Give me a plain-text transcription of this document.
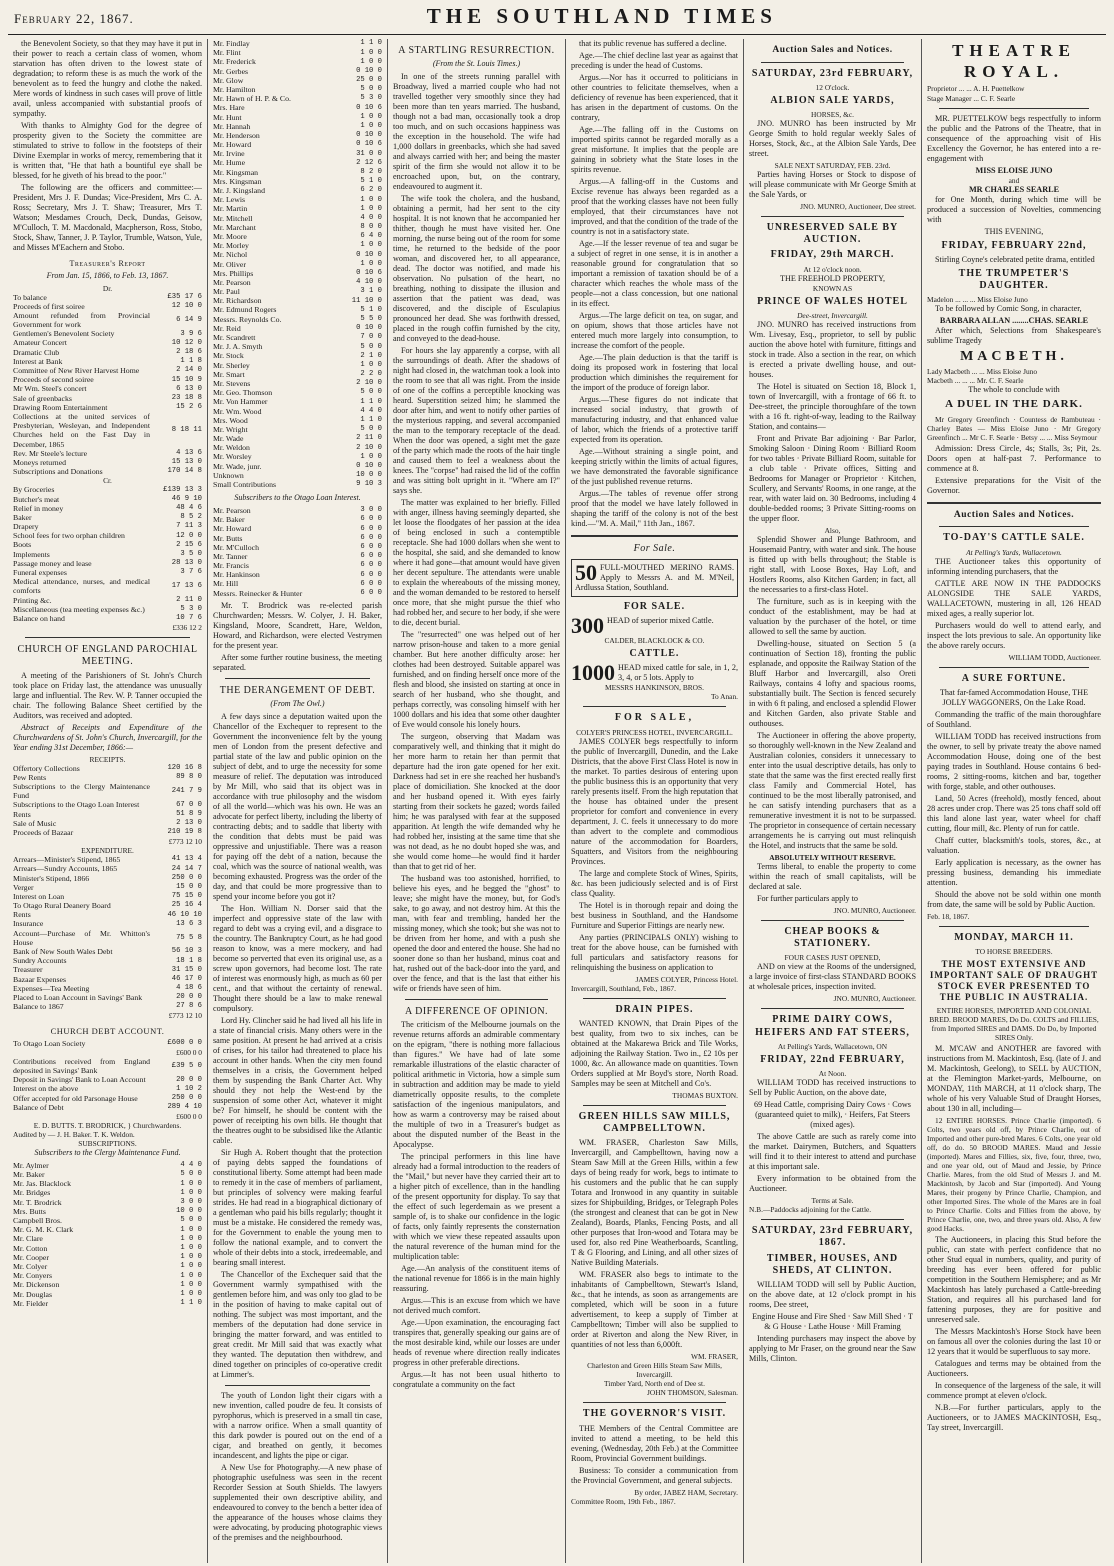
February 22, 1867.	THE SOUTHLAND TIMES

the Benevolent Society, so that they may have it put in their power to reach a certain class of women, whom starvation has often driven to the lowest state of degradation; to reform these is as much the work of the benevolent as to feed the hungry and clothe the naked. Mere words of kindness in such cases will prove of little avail, unless accompanied with substantial proofs of sympathy.

With thanks to Almighty God for the degree of prosperity given to the Society the committee are stimulated to strive to follow in the footsteps of their Divine Exemplar in works of mercy, remembering that it is written that, "He that hath a bountiful eye shall be blessed, for he giveth of his bread to the poor."

The following are the officers and committee:— President, Mrs J. F. Dundas; Vice-President, Mrs C. A. Ross; Secretary, Mrs J. T. Shaw; Treasurer, Mrs T. Watson; Mesdames Crouch, Deck, Dundas, Geisow, M'Culloch, T. M. Macdonald, Macpherson, Ross, Stobo, Stock, Shaw, Tanner, J. P. Taylor, Trumble, Watson, Yule, and Misses M'Eachern and Stobo.

Treasurer's Report
From Jan. 15, 1866, to Feb. 13, 1867.
Dr.
To balance	£35 17 6
Proceeds of first soiree	12 10 0
Amount refunded from Provincial Government for work	6 14 9
Gentlemen's Benevolent Society	3 9 6
Amateur Concert	10 12 0
Dramatic Club	2 18 6
Interest at Bank	1 1 8
Committee of New River Harvest Home	2 14 0
Proceeds of second soiree	15 10 9
Mr Wm. Steel's concert	6 13 0
Sale of greenbacks	23 18 8
Drawing Room Entertainment	15 2 6
Collections at the united services of Presbyterian, Wesleyan, and Independent Churches held on the Fast Day in December, 1865	8 18 11
Rev. Mr Steele's lecture	4 13 6
Moneys returned	15 13 0
Subscriptions and Donations	170 14 8
Cr.
By Groceries	£139 13 3
Butcher's meat	46 9 10
Relief in money	48 4 6
Baker	8 5 2
Drapery	7 11 3
School fees for two orphan children	12 0 0
Boots	2 15 6
Implements	3 5 0
Passage money and lease	28 13 0
Funeral expenses	3 7 6
Medical attendance, nurses, and medical comforts	17 13 6
Printing &c.	2 11 0
Miscellaneous (tea meeting expenses &c.)	5 3 0
Balance on hand	10 7 6
£336 12 2
CHURCH OF ENGLAND PAROCHIAL MEETING.

A meeting of the Parishioners of St. John's Church took place on Friday last, the attendance was unusually large and influential. The Rev. W. P. Tanner occupied the chair. The following Balance Sheet certified by the Auditors, was received and adopted.

Abstract of Receipts and Expenditure of the Churchwardens of St. John's Church, Invercargill, for the Year ending 31st December, 1866:—

RECEIPTS.
Offertory Collections	120 16 8
Pew Rents	89 8 0
Subscriptions to the Clergy Maintenance Fund	241 7 9
Subscriptions to the Otago Loan Interest	67 0 0
Rents	51 8 9
Sale of Music	2 13 0
Proceeds of Bazaar	210 19 8
£773 12 10
EXPENDITURE.
Arrears—Minister's Stipend, 1865	41 13 4
Arrears—Sundry Accounts, 1865	24 14 7
Minister's Stipend, 1866	250 0 0
Verger	15 0 0
Interest on Loan	75 15 0
To Otago Rural Deanery Board	25 16 4
Rents	46 10 10
Insurance	13 6 3
Account—Purchase of Mr. Whitton's House	75 5 8
Bank of New South Wales Debt	56 10 3
Sundry Accounts	18 1 8
Treasurer	31 15 0
Bazaar Expenses	46 17 0
Expenses—Tea Meeting	4 18 6
Placed to Loan Account in Savings' Bank	20 0 0
Balance to 1867	27 8 6
£773 12 10
CHURCH DEBT ACCOUNT.
To Otago Loan Society	£600 0 0
£600 0 0
Contributions received from England deposited in Savings' Bank	£39 5 0
Deposit in Savings' Bank to Loan Account	20 0 0
Interest on the above	1 10 2
Offer accepted for old Parsonage House	250 0 0
Balance of Debt	289 4 10
£600 0 0
E. D. BUTTS. T. BRODRICK, } Churchwardens.
Audited by — J. H. Baker. T. K. Weldon.
SUBSCRIPTIONS.
Subscribers to the Clergy Maintenance Fund.
Mr. Aylmer	4 4 0
Mr. Baker	5 0 0
Mr. Jas. Blacklock	1 0 0
Mr. Bridges	1 0 0
Mr. T. Brodrick	3 0 0
Mrs. Butts	10 0 0
Campbell Bros.	5 0 0
Mr. G. M. K. Clark	1 0 0
Mr. Clare	1 0 0
Mr. Cotton	1 0 0
Mr. Cooper	1 0 0
Mr. Colyer	1 0 0
Mr. Conyers	1 0 0
Mr. Dickenson	1 0 0
Mr. Douglas	1 0 0
Mr. Fielder	1 1 0
Mr. Findlay	1 1 0
Mr. Flint	1 0 0
Mr. Frederick	1 0 0
Mr. Gerbes	0 10 0
Mr. Glow	25 0 0
Mr. Hamilton	5 0 0
Mr. Hawn of H. P. & Co.	5 3 0
Mrs. Hare	0 10 6
Mr. Hunt	1 0 0
Mr. Hannah	1 0 0
Mr. Henderson	0 10 0
Mr. Howard	0 10 6
Mr. Irvine	31 0 0
Mr. Hume	2 12 6
Mr. Kingsman	8 2 0
Mrs. Kingsman	5 1 0
Mr. J. Kingsland	6 2 0
Mr. Lewis	1 0 0
Mr. Martin	1 0 0
Mr. Mitchell	4 0 0
Mr. Marchant	8 0 0
Mr. Moore	6 4 0
Mr. Morley	1 0 0
Mr. Nichol	0 10 0
Mr. Oliver	1 0 0
Mrs. Phillips	0 10 6
Mr. Pearson	4 10 0
Mr. Paul	3 1 0
Mr. Richardson	11 10 0
Mr. Edmund Rogers	5 1 0
Messrs. Reynolds Co.	5 5 0
Mr. Reid	0 10 0
Mr. Scandrett	7 0 0
Mr. J. A. Smyth	5 0 0
Mr. Stock	2 1 0
Mr. Sherley	1 0 0
Mr. Smart	2 2 0
Mr. Stevens	2 10 0
Mr. Geo. Thomson	5 0 0
Mr. Von Hammer	1 1 0
Mr. Wm. Wood	4 4 0
Mrs. Wood	1 1 0
Mr. Wright	5 0 0
Mr. Wade	2 11 0
Mr. Weldon	2 10 0
Mr. Worsley	1 0 0
Mr. Wade, junr.	0 10 0
Unknown	10 0 0
Small Contributions	9 10 3
Subscribers to the Otago Loan Interest.
Mr. Pearson	3 0 0
Mr. Baker	6 0 0
Mr. Howard	6 0 0
Mr. Butts	6 0 0
Mr. M'Culloch	6 0 0
Mr. Tanner	6 0 0
Mr. Francis	6 0 0
Mr. Hankinson	6 0 0
Mr. Hill	6 0 0
Messrs. Reinecker & Hunter	6 0 0

Mr. T. Brodrick was re-elected parish Churchwarden; Messrs. W. Colyer, J. H. Baker, Kingsland, Moore, Scandrett, Hare, Weldon, Howard, and Richardson, were elected Vestrymen for the present year.

After some further routine business, the meeting separated.

THE DERANGEMENT OF DEBT.
(From The Owl.)

A few days since a deputation waited upon the Chancellor of the Exchequer to represent to the Government the inconvenience felt by the young men of London from the present defective and partial state of the law and public opinion on the subject of debt, and to urge the necessity for some measure of relief. The deputation was introduced by Mr Mill, who said that its object was in accordance with true philosophy and the wisdom of all the world—which was his own. He was an advocate for perfect liberty, including the liberty of contracting debts; and to saddle that liberty with the condition that debts must be paid was oppressive and unjustifiable. There was a reason for paying off the debt of a nation, because the coal, which was the source of national wealth, was becoming exhausted. Progress was the order of the day, and that could be more progressive than to spend your income before you got it?

The Hon. William N. Dorser said that the imperfect and oppressive state of the law with regard to debt was a crying evil, and a disgrace to the country. The Bankruptcy Court, as he had good reason to know, was a mere mockery, and had become so perverted that even its original use, as a screw upon governors, had become lost. The rate of interest was enormously high, as much as 60 per cent., and that without the certainty of renewal. Thought there should be a law to make renewal compulsory.

Lord Hy. Clincher said he had lived all his life in a state of financial crisis. Many others were in the same position. At present he had arrived at a crisis of crises, for his tailor had threatened to place his account in other hands. When the city men found themselves in a crisis, the Government helped them by suspending the Bank Charter Act. Why should they not help the West-end by the suspension of some other Act, whatever it might be? For himself, he should be content with the power of receipting his own bills. He thought that the theatres ought to be subsidised like the Atlantic cable.

Sir Hugh A. Robert thought that the protection of paying debts sapped the foundations of constitutional liberty. Some attempt had been made to remedy it in the case of members of parliament, but principles of solvency were making fearful strides. He had read in a biographical dictionary of a gentleman who paid his bills regularly; thought it must be a mistake. He considered the remedy was, for the Government to enable the young men to follow the national example, and to convert the whole of their debts into a stock, irredeemable, and bearing small interest.

The Chancellor of the Exchequer said that the Government warmly sympathised with the gentlemen before him, and was only too glad to be in the position of having to make capital out of nothing. The subject was most important, and the members of the deputation had done service in bringing the matter forward, and was entitled to great credit. Mr Mill said that was exactly what they wanted. The deputation then withdrew, and dined together on principles of co-operative credit at Limmer's.

The youth of London light their cigars with a new invention, called poudre de feu. It consists of pyrophorus, which is preserved in a small tin case, with a narrow orifice. When a small quantity of this dark powder is poured out on the end of a cigar, and breathed on gently, it becomes incandescent, and lights the pipe or cigar.

A New Use for Photography.—A new phase of photographic usefulness was seen in the recent Recorder Session at South Shields. The lawyers supplemented their own descriptive ability, and endeavoured to convey to the bench a better idea of the appearance of the houses whose claims they were advocating, by producing photographic views of the premises and the neighbourhood.

A STARTLING RESURRECTION.
(From the St. Louis Times.)

In one of the streets running parallel with Broadway, lived a married couple who had not travelled together very smoothly since they had been more than ten years married. The husband, though not a bad man, occasionally took a drop too much, and on such occasions happiness was the exception in the household. The wife had 1,000 dollars in greenbacks, which she had saved and always carried with her; and being the master spirit of the firm she would not allow it to be encroached upon, but, on the contrary, endeavoured to augment it.

The wife took the cholera, and the husband, obtaining a permit, had her sent to the city hospital. It is not known that he accompanied her thither, though he must have visited her. One morning, the nurse being out of the room for some time, he returned to the bedside of the poor woman, and discovered her, to all appearance, dead. The doctor was notified, and made his observation. No pulsation of the heart, no breathing, nothing to dissipate the illusion and assertion that the patient was dead, was discovered, and the disciple of Esculapius pronounced her dead. She was forthwith dressed, placed in the rough coffin furnished by the city, and conveyed to the dead-house.

For hours she lay apparently a corpse, with all the surroundings of death. After the shadows of night had closed in, the watchman took a look into the room to see that all was right. From the inside of one of the coffins a perceptible knocking was heard. Superstition seized him; he slammed the door after him, and went to notify other parties of the mysterious rapping, and several accompanied the man to the temporary receptacle of the dead. When the door was opened, a sight met the gaze of the party which made the roots of the hair tingle and caused them to feel a weakness about the knees. The "corpse" had raised the lid of the coffin and was sitting bolt upright in it. "Where am I?" says she.

The matter was explained to her briefly. Filled with anger, illness having seemingly departed, she let loose the floodgates of her passion at the idea of being enclosed in such a contemptible receptacle. She had 1000 dollars when she went to the hospital, she said, and she demanded to know where it had gone—that amount would have given her decent sepulture. The attendants were unable to explain the whereabouts of the missing money, and the woman demanded to be restored to herself once more, that she might pursue the thief who had robbed her, and secure to her body, if she were to die, decent burial.

The "resurrected" one was helped out of her narrow prison-house and taken to a more genial chamber. But here another difficulty arose: her clothes had been destroyed. Suitable apparel was furnished, and on finding herself once more of the flesh and blood, she insisted on starting at once in search of her husband, who she thought, and perhaps correctly, was consoling himself with her 1000 dollars and his idea that some other daughter of Eve would console his lonely hours.

The surgeon, observing that Madam was comparatively well, and thinking that it might do her more harm to retain her than permit that departure had the iron gate opened for her exit. Darkness had set in ere she reached her husband's place of domiciliation. She knocked at the door and her husband opened it. With eyes fairly starting from their sockets he gazed; words failed him; he was paralysed with fear at the supposed apparition. At length the wife demanded why he had robbed her, insisting at the same time that she was not dead, as he no doubt hoped she was, and she would come home—he would find it harder than that to get rid of her.

The husband was too astonished, horrified, to believe his eyes, and he begged the "ghost" to leave; she might have the money, but, for God's sake, to go away, and not destroy him. At this the man, with fear and trembling, handed her the missing money, which she took; but she was not to be driven from her home, and with a push she opened the door and entered the house. She had no sooner done so than her husband, minus coat and hat, rushed out of the back-door into the yard, and over the fence, and that is the last that either his wife or friends have seen of him.

A DIFFERENCE OF OPINION.

The criticism of the Melbourne journals on the revenue returns affords an admirable commentary on the epigram, "there is nothing more fallacious than figures." We have had of late some remarkable illustrations of the elastic character of political arithmetic in Victoria, how a simple sum in subtraction and addition may be made to yield diametrically opposite results, to the complete satisfaction of the ingenious manipulators, and how as warm a controversy may be raised about the multiple of two in a Treasurer's budget as about the disputed number of the Beast in the Apocalypse.

The principal performers in this line have already had a formal introduction to the readers of the "Mail," but never have they carried their art to a higher pitch of excellence, than in the handling of the present opportunity for display. To say that the effect of such legerdemain as we present a sample of, is to shake our confidence in the logic of facts, only faintly represents the consternation with which we view these repeated assaults upon the natural reverence of the human mind for the multiplication table:

Age.—An analysis of the constituent items of the national revenue for 1866 is in the main highly reassuring.

Argus.—This is an excuse from which we have not derived much comfort.

Age.—Upon examination, the encouraging fact transpires that, generally speaking our gains are of the most desirable kind, while our losses are under heads of revenue where direction really indicates progress in other preferable directions.

Argus.—It has not been usual hitherto to congratulate a community on the fact

that its public revenue has suffered a decline.

Age.—The chief decline last year as against that preceding is under the head of Customs.

Argus.—Nor has it occurred to politicians in other countries to felicitate themselves, when a deficiency of revenue has been experienced, that it has arisen in the department of customs. On the contrary,

Age.—The falling off in the Customs on imported spirits cannot be regarded morally as a great misfortune. It implies that the people are gaining in sobriety what the State loses in the spirits revenue.

Argus.—A falling-off in the Customs and Excise revenue has always been regarded as a proof that the working classes have not been fully employed, that their circumstances have not improved, and that the condition of the trade of the country is not in a satisfactory state.

Age.—If the lesser revenue of tea and sugar be a subject of regret in one sense, it is in another a reasonable ground for congratulation that so important a remission of taxation should be of a character which reaches the whole mass of the people—not a class concession, but one national in its effect.

Argus.—The large deficit on tea, on sugar, and on opium, shows that those articles have not entered much more largely into consumption, to increase the comfort of the people.

Age.—The plain deduction is that the tariff is doing its proposed work in fostering that local production which diminishes the requirement for the import of the produce of foreign labor.

Argus.—These figures do not indicate that increased social industry, that growth of manufacturing industry, and that enhanced value of labor, which the friends of a protective tariff expected from its operation.

Age.—Without straining a single point, and keeping strictly within the limits of actual figures, we have demonstrated the favorable significance of the just published revenue returns.

Argus.—The tables of revenue offer strong proof that the model we have lately followed in shaping the tariff of the colony is not of the best kind.—"M. A. Mail," 11th Jan., 1867.

For Sale.
50 FULL-MOUTHED MERINO RAMS. Apply to Messrs A. and M. M'Neil, Ardlussa Station, Southland.
FOR SALE.
300 HEAD of superior mixed Cattle.
CALDER, BLACKLOCK & CO.
CATTLE.
1000 HEAD mixed cattle for sale, in 1, 2, 3, 4, or 5 lots. Apply to
MESSRS HANKINSON, BROS.
To Anan.
FOR SALE,
COLYER'S PRINCESS HOTEL, INVERCARGILL.

JAMES COLYER begs respectfully to inform the public of Invercargill, Dunedin, and the Lake Districts, that the above First Class Hotel is now in the market. To parties desirous of entering upon the public business this is an opportunity that very rarely presents itself. From the high reputation that the house has obtained under the present proprietor for comfort and convenience in every department, J. C. feels it unnecessary to do more than advert to the complete and commodious nature of the accommodation for Boarders, Squatters, and Visitors from the neighbouring Provinces.

The large and complete Stock of Wines, Spirits, &c. has been judiciously selected and is of First class Quality.

The Hotel is in thorough repair and doing the best business in Southland, and the Handsome Furniture and Superior Fittings are nearly new.

Any parties (PRINCIPALS ONLY) wishing to treat for the above house, can be furnished with full particulars and satisfactory reasons for relinquishing the business on application to

JAMES COLYER, Princess Hotel.
Invercargill, Southland, Feb., 1867.
DRAIN PIPES.

WANTED KNOWN, that Drain Pipes of the best quality, from two to six inches, can be obtained at the Makarewa Brick and Tile Works, adjoining the Railway Station. Two in., £2 10s per 1000, &c. An allowance made on quantities. Town Orders supplied at Mr Boyd's store, North Road. Samples may be seen at Mitchell and Co's.

THOMAS BUXTON.
GREEN HILLS SAW MILLS, CAMPBELLTOWN.

WM. FRASER, Charleston Saw Mills, Invercargill, and Campbelltown, having now a Steam Saw Mill at the Green Hills, within a few days of being ready for work, begs to intimate to his customers and the public that he can supply Totara and Ironwood in any quantity in suitable sizes for Shipbuilding, Bridges, or Telegraph Poles (the strongest and cleanest that can be got in New Zealand), Boards, Planks, Fencing Posts, and all other purposes that Iron-wood and Totara may be used for, also red Pine Weatherboards, Scantling, T & G Flooring, and Lining, and all other sizes of Native Building Materials.

WM. FRASER also begs to intimate to the inhabitants of Campbelltown, Stewart's Island, &c., that he intends, as soon as arrangements are completed, which will be soon in a future advertisement, to keep a supply of Timber at Campbelltown; Timber will also be supplied to order at Riverton and along the New River, in quantities of not less than 6,000ft.

WM. FRASER,
Charleston and Green Hills Steam Saw Mills, Invercargill.
Timber Yard, North end of Dee st.
JOHN THOMSON, Salesman.
THE GOVERNOR'S VISIT.

THE Members of the Central Committee are invited to attend a meeting, to be held this evening, (Wednesday, 20th Feb.) at the Committee Room, Provincial Government buildings.

Business: To consider a communication from the Provincial Government, and general subjects.

By order, JABEZ HAM, Secretary.
Committee Room, 19th Feb., 1867.
Auction Sales and Notices.
SATURDAY, 23rd FEBRUARY,
12 O'clock.
ALBION SALE YARDS,
HORSES, &c.

JNO. MUNRO has been instructed by Mr George Smith to hold regular weekly Sales of Horses, Stock, &c., at the Albion Sale Yards, Dee street.

SALE NEXT SATURDAY, FEB. 23rd.

Parties having Horses or Stock to dispose of will please communicate with Mr George Smith at the Sale Yards, or

JNO. MUNRO, Auctioneer, Dee street.
UNRESERVED SALE BY AUCTION.
FRIDAY, 29th MARCH.
At 12 o'clock noon.
THE FREEHOLD PROPERTY,
KNOWN AS
PRINCE OF WALES HOTEL
Dee-street, Invercargill.

JNO. MUNRO has received instructions from Wm. Livesay, Esq., proprietor, to sell by public auction the above hotel with furniture, fittings and stock in trade. Also a section in the rear, on which is erected a private dwelling house, and out-houses.

The Hotel is situated on Section 18, Block 1, town of Invercargill, with a frontage of 66 ft. to Dee-street, the principle thoroughfare of the town with a 16 ft. right-of-way, leading to the Railway Station, and contains—

Front and Private Bar adjoining · Bar Parlor, Smoking Saloon · Dining Room · Billiard Room for two tables · Private Billiard Room, suitable for a club table · Private offices, Sitting and Bedrooms for Manager or Proprietor · Kitchen, Scullery, and Servants' Rooms, in one range, at the rear, with water laid on. 30 Bedrooms, including 4 double-bedded rooms; 3 Private Sitting-rooms on the upper floor.

Also,

Splendid Shower and Plunge Bathroom, and Housemaid Pantry, with water and sink. The house is fitted up with bells throughout; the Stable is right stall, with Loose Boxes, Hay Loft, and Hostlers Rooms, also Kitchen Garden; in fact, all the necessaries to a first-class Hotel.

The furniture, such as is in keeping with the conduct of the establishment, may be had at valuation by the purchaser of the hotel, or time allowed to sell the same by auction.

Dwelling-house, situated on Section 5 (a continuation of Section 18), fronting the public esplanade, and opposite the Railway Station of the Bluff Harbor and Invercargill, also Oreti Railways, contains 4 lofty and spacious rooms, substantially built. The Section is fenced securely in with 6 ft paling, and enclosed a splendid Flower and Kitchen Garden, also private Stable and outhouses.

The Auctioneer in offering the above property, so thoroughly well-known in the New Zealand and Australian colonies, considers it unnecessary to enter into the usual descriptive details, has only to state that the same was the first erected really first class Family and Commercial Hotel, has continued to be the most liberally patronised, and he can satisfy intending purchasers that as a remunerative investment it is not to be surpassed. The proprietor in consequence of certain necessary arrangements he is carrying out must relinquish the Hotel, and instructs that the same be sold.

ABSOLUTELY WITHOUT RESERVE.

Terms liberal, to enable the property to come within the reach of small capitalists, will be declared at sale.

For further particulars apply to

JNO. MUNRO, Auctioneer.
CHEAP BOOKS & STATIONERY.
FOUR CASES JUST OPENED,

AND on view at the Rooms of the undersigned, a large invoice of first-class STANDARD BOOKS at wholesale prices, inspection invited.

JNO. MUNRO, Auctioneer.
PRIME DAIRY COWS, HEIFERS AND FAT STEERS,
At Pelling's Yards, Wallacetown, ON
FRIDAY, 22nd FEBRUARY,
At Noon.

WILLIAM TODD has received instructions to Sell by Public Auction, on the above date,

69 Head Cattle, comprising Dairy Cows · Cows (guaranteed quiet to milk), · Heifers, Fat Steers (mixed ages).

The above Cattle are such as rarely come into the market. Dairymen, Butchers, and Squatters will find it to their interest to attend and purchase at this important sale.

Every information to be obtained from the Auctioneer.

Terms at Sale.
N.B.—Paddocks adjoining for the Cattle.
SATURDAY, 23rd FEBRUARY, 1867.
TIMBER, HOUSES, AND SHEDS, AT CLINTON.

WILLIAM TODD will sell by Public Auction, on the above date, at 12 o'clock prompt in his rooms, Dee street,

Engine House and Fire Shed · Saw Mill Shed · T & G House · Lathe House · Mill Framing

Intending purchasers may inspect the above by applying to Mr Fraser, on the ground near the Saw Mills, Clinton.

THEATRE ROYAL.
Proprietor ... ... A. H. Puettelkow
Stage Manager ... C. F. Searle

MR. PUETTELKOW begs respectfully to inform the public and the Patrons of the Theatre, that in consequence of the approaching visit of His Excellency the Governor, he has entered into a re-engagement with

MISS ELOISE JUNO
and
MR CHARLES SEARLE

for One Month, during which time will be produced a succession of Novelties, commencing with

THIS EVENING,
FRIDAY, FEBRUARY 22nd,

Stirling Coyne's celebrated petite drama, entitled

THE TRUMPETER'S DAUGHTER.
Madelon ... ... ... Miss Eloise Juno

To be followed by Comic Song, in character,

BARBARA ALLAN ........CHAS. SEARLE

After which, Selections from Shakespeare's sublime Tragedy

MACBETH.
Lady Macbeth ... ... Miss Eloise Juno
Macbeth ... ... ... Mr. C. F. Searle

The whole to conclude with

A DUEL IN THE DARK.

Mr Gregory Greenfinch · Countess de Rambuteau · Charley Bates — Miss Eloise Juno · Mr Gregory Greenfinch ... Mr C. F. Searle · Betsy ... ... Miss Seymour

Admission: Dress Circle, 4s; Stalls, 3s; Pit, 2s. Doors open at half-past 7. Performance to commence at 8.

Extensive preparations for the Visit of the Governor.

Auction Sales and Notices.
TO-DAY'S CATTLE SALE.
At Pelling's Yards, Wallacetown.

THE Auctioneer takes this opportunity of informing intending purchasers, that the

CATTLE ARE NOW IN THE PADDOCKS ALONGSIDE THE SALE YARDS, WALLACETOWN, mustering in all, 126 HEAD mixed ages, a really superior lot.

Purchasers would do well to attend early, and inspect the lots previous to sale. An opportunity like the above rarely occurs.

WILLIAM TODD, Auctioneer.
A SURE FORTUNE.

That far-famed Accommodation House, THE JOLLY WAGGONERS, On the Lake Road.

Commanding the traffic of the main thoroughfare of Southland.

WILLIAM TODD has received instructions from the owner, to sell by private treaty the above named Accommodation House, doing one of the best paying trades in Southland. House contains 6 bed-rooms, 2 sitting-rooms, kitchen and bar, together with forge, stable, and other outhouses.

Land, 50 Acres (freehold), mostly fenced, about 28 acres under crop. There was 25 tons chaff sold off this land alone last year, water wheel for chaff cutting, flour mill, &c. Plenty of run for cattle.

Chaff cutter, blacksmith's tools, stores, &c., at valuation.

Early application is necessary, as the owner has pressing business, demanding his immediate attention.

Should the above not be sold within one month from date, the same will be sold by Public Auction.

Feb. 18, 1867.
MONDAY, MARCH 11.
TO HORSE BREEDERS.
THE MOST EXTENSIVE AND IMPORTANT SALE OF DRAUGHT STOCK EVER PRESENTED TO THE PUBLIC IN AUSTRALIA.

ENTIRE HORSES, IMPORTED AND COLONIAL BRED. BROOD MARES, Do Do. COLTS and FILLIES, from Imported SIRES and DAMS. Do Do, by Imported SIRES Only.

M. M'CAW and ANOTHER are favored with instructions from M. Mackintosh, Esq. (late of J. and M. Mackintosh, Geelong), to SELL by AUCTION, at the Flemington Market-yards, Melbourne, on MONDAY, 11th MARCH, at 11 o'clock sharp, The whole of his very Valuable Stud of Draught Horses, about 130 in all, including—

12 ENTIRE HORSES. Prince Charlie (imported). 6 Colts, two years old off, by Prince Charlie, out of Imported and other pure-bred Mares. 6 Colts, one year old off, do do. 50 BROOD MARES. Maud and Jessie (imported). Mares and Fillies, six, five, four, three, two, and one year old, out of Maud and Jessie, by Prince Charlie. Mares, from the old Stud of Messrs J. and M. Mackintosh, by Jacob and Star (imported). And Young Mares, their progeny by Prince Charlie, Champion, and other Imported Sires. The whole of the Mares are in foal to Prince Charlie. Colts and Fillies from the above, by Prince Charlie, one, two, and three years old. Also, A few good Hacks.

The Auctioneers, in placing this Stud before the public, can state with perfect confidence that no other Stud equal in numbers, quality, and purity of breeding has ever been offered for public competition in the Southern Hemisphere; and as Mr Mackintosh has lately purchased a Cattle-breeding Station, and requires all his purchased land for fattening purposes, they are for positive and unreserved sale.

The Messrs Mackintosh's Horse Stock have been on famous all over the colonies during the last 10 or 12 years that it would be superfluous to say more.

Catalogues and terms may be obtained from the Auctioneers.

In consequence of the largeness of the sale, it will commence prompt at eleven o'clock.

N.B.—For further particulars, apply to the Auctioneers, or to JAMES MACKINTOSH, Esq., Tay street, Invercargill.
